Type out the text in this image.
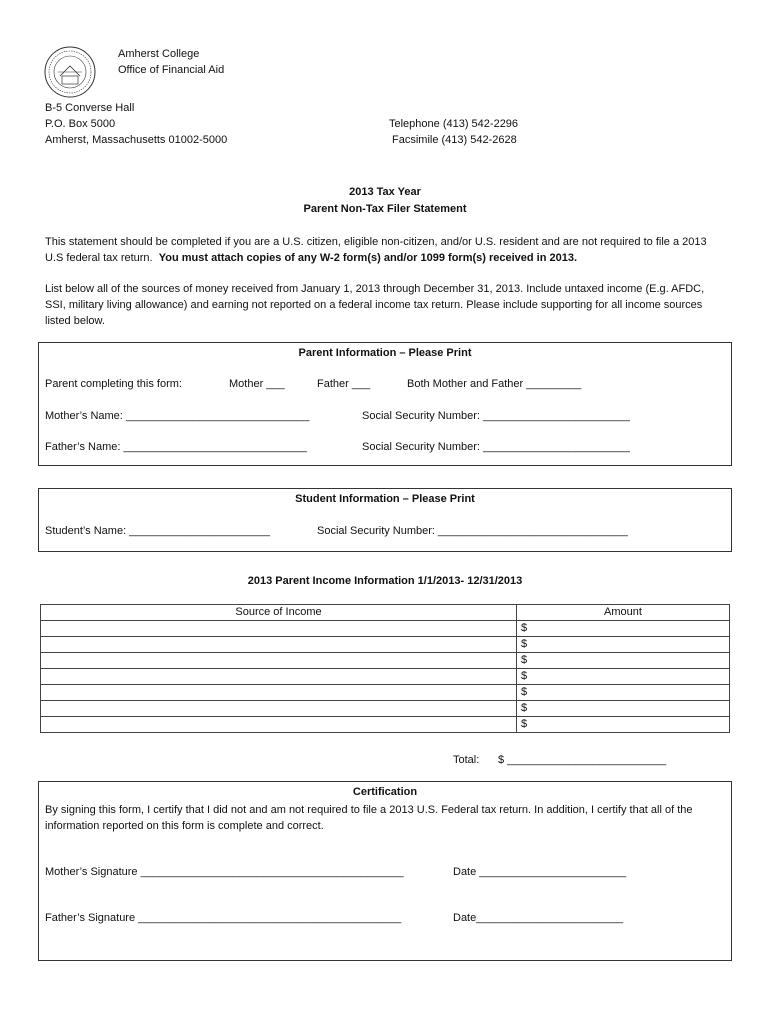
Amherst College
Office of Financial Aid
B-5 Converse Hall
P.O. Box 5000
Amherst, Massachusetts 01002-5000
Telephone (413) 542-2296
Facsimile (413) 542-2628
2013 Tax Year
Parent Non-Tax Filer Statement
This statement should be completed if you are a U.S. citizen, eligible non-citizen, and/or U.S. resident and are not required to file a 2013 U.S federal tax return. You must attach copies of any W-2 form(s) and/or 1099 form(s) received in 2013.
List below all of the sources of money received from January 1, 2013 through December 31, 2013. Include untaxed income (E.g. AFDC, SSI, military living allowance) and earning not reported on a federal income tax return. Please include supporting for all income sources listed below.
Parent Information – Please Print
Parent completing this form:	Mother ___	Father ___	Both Mother and Father _________
Mother’s Name: ______________________________	Social Security Number: ________________________
Father’s Name: ______________________________	Social Security Number: ________________________
Student Information – Please Print
Student’s Name: _______________________	Social Security Number: _______________________________
2013 Parent Income Information 1/1/2013- 12/31/2013
Source of Income	Amount
	$
	$
	$
	$
	$
	$
	$
Total: $ __________________________
Certification
By signing this form, I certify that I did not and am not required to file a 2013 U.S. Federal tax return. In addition, I certify that all of the information reported on this form is complete and correct.
Mother’s Signature ___________________________________________	Date ________________________
Father’s Signature ___________________________________________	Date________________________
